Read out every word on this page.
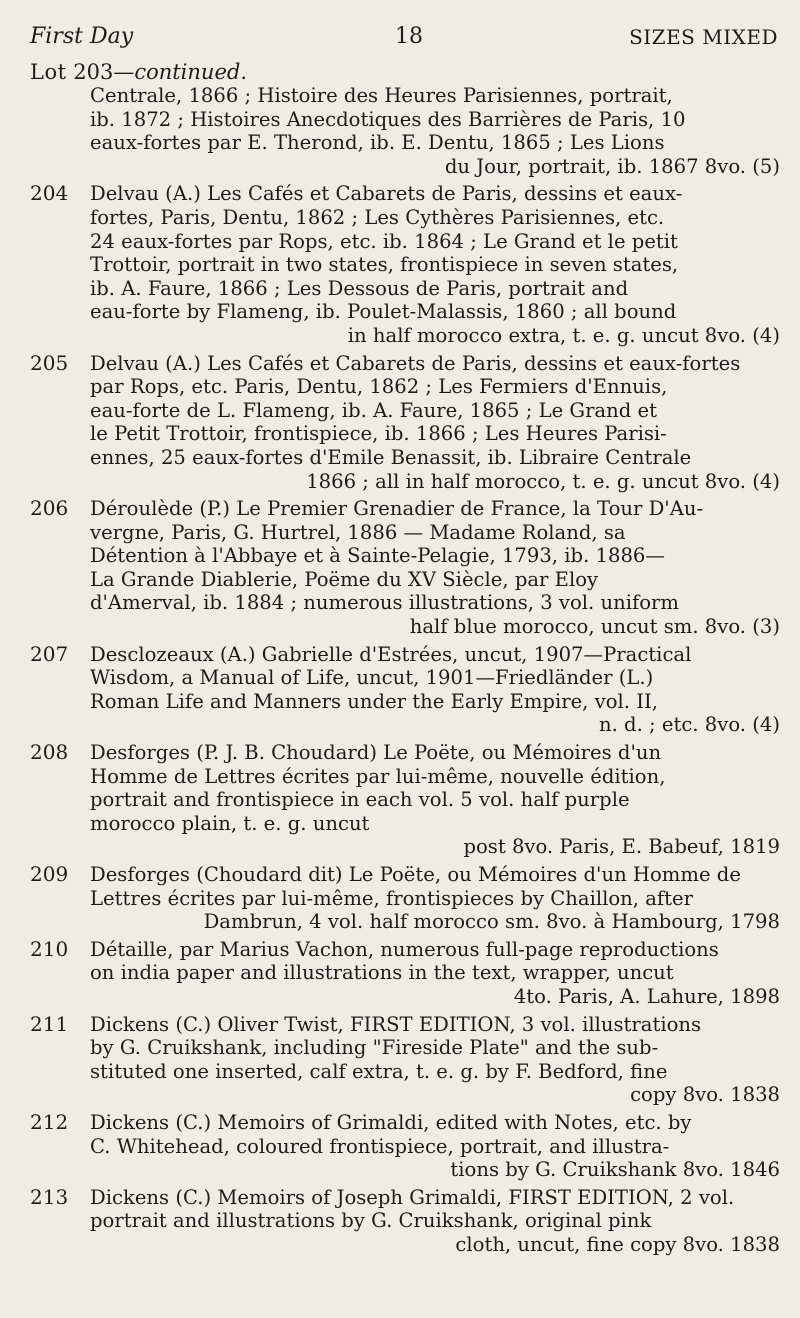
First Day	18	SIZES MIXED
Lot 203—continued.
Centrale, 1866 ; Histoire des Heures Parisiennes, portrait,
ib. 1872 ; Histoires Anecdotiques des Barrières de Paris, 10
eaux-fortes par E. Therond, ib. E. Dentu, 1865 ; Les Lions
du Jour, portrait, ib. 1867 8vo. (5)
204	Delvau (A.) Les Cafés et Cabarets de Paris, dessins et eaux-
fortes, Paris, Dentu, 1862 ; Les Cythères Parisiennes, etc.
24 eaux-fortes par Rops, etc. ib. 1864 ; Le Grand et le petit
Trottoir, portrait in two states, frontispiece in seven states,
ib. A. Faure, 1866 ; Les Dessous de Paris, portrait and
eau-forte by Flameng, ib. Poulet-Malassis, 1860 ; all bound
in half morocco extra, t. e. g. uncut 8vo. (4)
205	Delvau (A.) Les Cafés et Cabarets de Paris, dessins et eaux-fortes
par Rops, etc. Paris, Dentu, 1862 ; Les Fermiers d'Ennuis,
eau-forte de L. Flameng, ib. A. Faure, 1865 ; Le Grand et
le Petit Trottoir, frontispiece, ib. 1866 ; Les Heures Parisi-
ennes, 25 eaux-fortes d'Emile Benassit, ib. Libraire Centrale
1866 ; all in half morocco, t. e. g. uncut 8vo. (4)
206	Déroulède (P.) Le Premier Grenadier de France, la Tour D'Au-
vergne, Paris, G. Hurtrel, 1886 — Madame Roland, sa
Détention à l'Abbaye et à Sainte-Pelagie, 1793, ib. 1886—
La Grande Diablerie, Poëme du XV Siècle, par Eloy
d'Amerval, ib. 1884 ; numerous illustrations, 3 vol. uniform
half blue morocco, uncut sm. 8vo. (3)
207	Desclozeaux (A.) Gabrielle d'Estrées, uncut, 1907—Practical
Wisdom, a Manual of Life, uncut, 1901—Friedländer (L.)
Roman Life and Manners under the Early Empire, vol. II,
n. d. ; etc. 8vo. (4)
208	Desforges (P. J. B. Choudard) Le Poëte, ou Mémoires d'un
Homme de Lettres écrites par lui-même, nouvelle édition,
portrait and frontispiece in each vol. 5 vol. half purple
morocco plain, t. e. g. uncut
post 8vo. Paris, E. Babeuf, 1819
209	Desforges (Choudard dit) Le Poëte, ou Mémoires d'un Homme de
Lettres écrites par lui-même, frontispieces by Chaillon, after
Dambrun, 4 vol. half morocco sm. 8vo. à Hambourg, 1798
210	Détaille, par Marius Vachon, numerous full-page reproductions
on india paper and illustrations in the text, wrapper, uncut
4to. Paris, A. Lahure, 1898
211	Dickens (C.) Oliver Twist, FIRST EDITION, 3 vol. illustrations
by G. Cruikshank, including "Fireside Plate" and the sub-
stituted one inserted, calf extra, t. e. g. by F. Bedford, fine
copy 8vo. 1838
212	Dickens (C.) Memoirs of Grimaldi, edited with Notes, etc. by
C. Whitehead, coloured frontispiece, portrait, and illustra-
tions by G. Cruikshank 8vo. 1846
213	Dickens (C.) Memoirs of Joseph Grimaldi, FIRST EDITION, 2 vol.
portrait and illustrations by G. Cruikshank, original pink
cloth, uncut, fine copy 8vo. 1838
